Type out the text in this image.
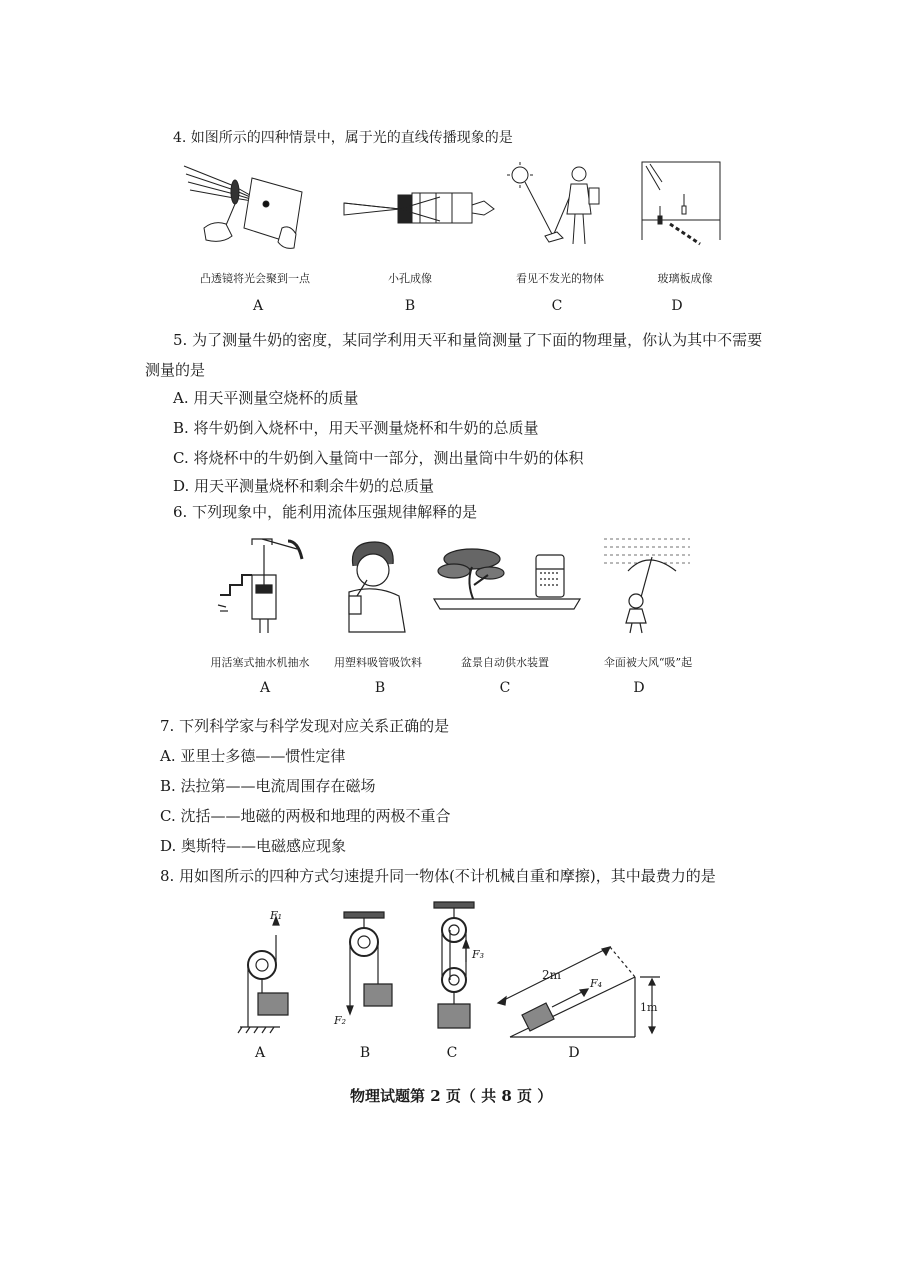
4. 如图所示的四种情景中，属于光的直线传播现象的是
凸透镜将光会聚到一点
A
小孔成像
B
看见不发光的物体
C
玻璃板成像
D
5. 为了测量牛奶的密度，某同学利用天平和量筒测量了下面的物理量，你认为其中不需要
测量的是
A. 用天平测量空烧杯的质量
B. 将牛奶倒入烧杯中，用天平测量烧杯和牛奶的总质量
C. 将烧杯中的牛奶倒入量筒中一部分，测出量筒中牛奶的体积
D. 用天平测量烧杯和剩余牛奶的总质量
6. 下列现象中，能利用流体压强规律解释的是
用活塞式抽水机抽水
A
用塑料吸管吸饮料
B
盆景自动供水装置
C
伞面被大风“吸”起
D
7. 下列科学家与科学发现对应关系正确的是
A. 亚里士多德——惯性定律
B. 法拉第——电流周围存在磁场
C. 沈括——地磁的两极和地理的两极不重合
D. 奥斯特——电磁感应现象
8. 用如图所示的四种方式匀速提升同一物体(不计机械自重和摩擦)，其中最费力的是
F₁
A
F₂
B
F₃
C
2m
F₄
1m
D
物理试题第 2 页（ 共 8 页 ）
